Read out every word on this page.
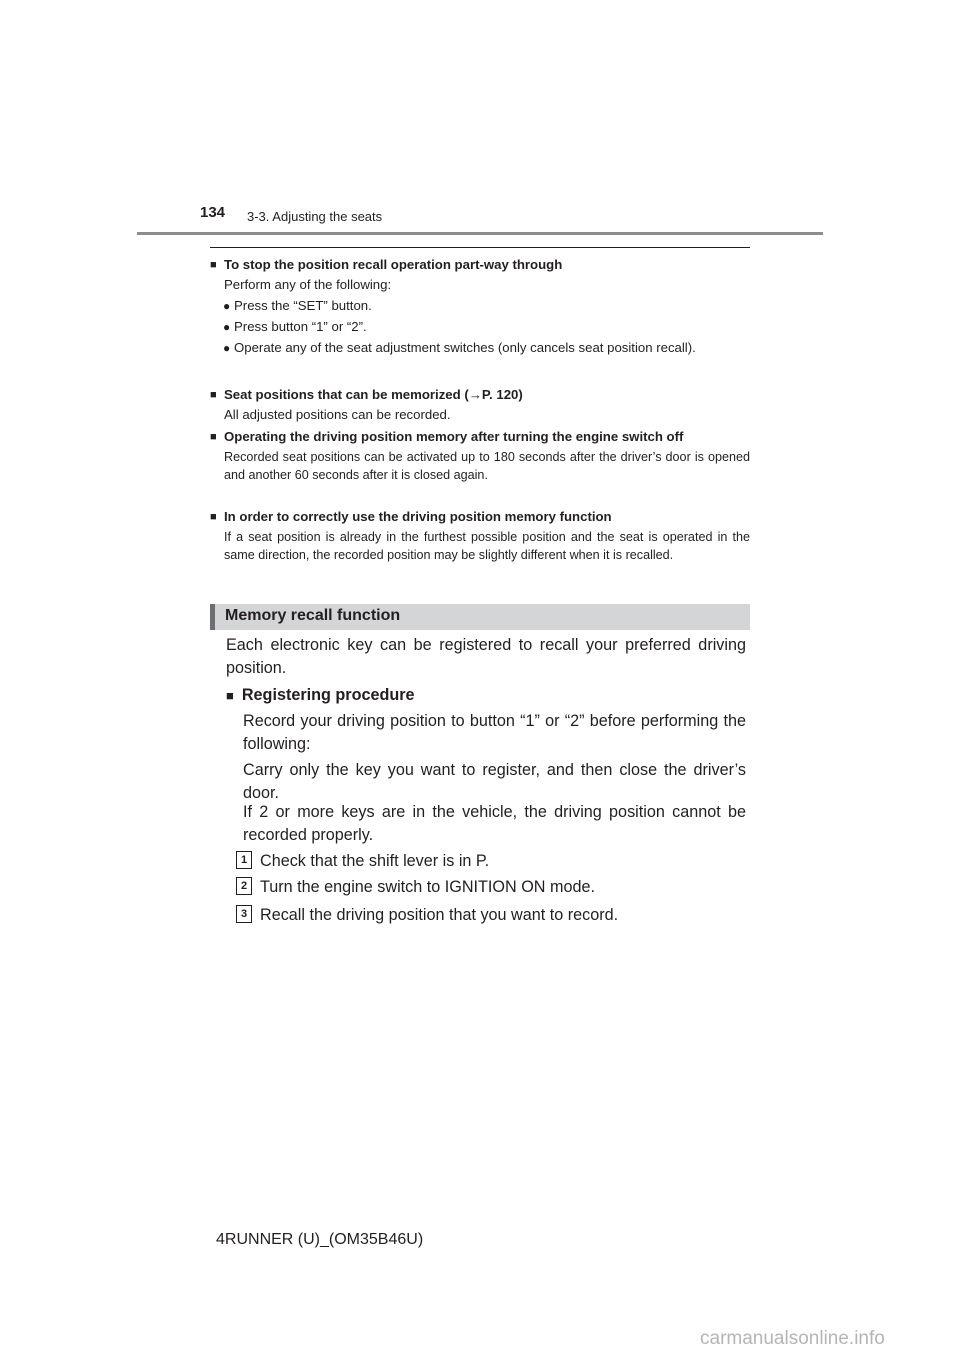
134 3-3. Adjusting the seats
■ To stop the position recall operation part-way through
Perform any of the following:
● Press the “SET” button.
● Press button “1” or “2”.
● Operate any of the seat adjustment switches (only cancels seat position recall).
■ Seat positions that can be memorized (→P. 120)
All adjusted positions can be recorded.
■ Operating the driving position memory after turning the engine switch off
Recorded seat positions can be activated up to 180 seconds after the driver’s door is opened and another 60 seconds after it is closed again.
■ In order to correctly use the driving position memory function
If a seat position is already in the furthest possible position and the seat is operated in the same direction, the recorded position may be slightly different when it is recalled.
Memory recall function
Each electronic key can be registered to recall your preferred driving position.
■ Registering procedure
Record your driving position to button “1” or “2” before performing the following:
Carry only the key you want to register, and then close the driver’s door.
If 2 or more keys are in the vehicle, the driving position cannot be recorded properly.
1 Check that the shift lever is in P.
2 Turn the engine switch to IGNITION ON mode.
3 Recall the driving position that you want to record.
4RUNNER (U)_(OM35B46U)
carmanualsonline.info
